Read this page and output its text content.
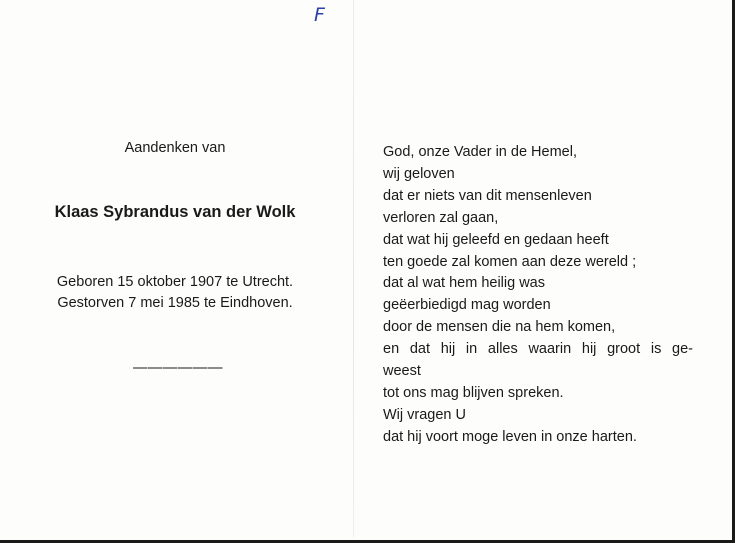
F
Aandenken van
Klaas Sybrandus van der Wolk
Geboren 15 oktober 1907 te Utrecht.
Gestorven 7 mei 1985 te Eindhoven.
——————
God, onze Vader in de Hemel,
wij geloven
dat er niets van dit mensenleven
verloren zal gaan,
dat wat hij geleefd en gedaan heeft
ten goede zal komen aan deze wereld ;
dat al wat hem heilig was
geëerbiedigd mag worden
door de mensen die na hem komen,
en dat hij in alles waarin hij groot is ge-
weest
tot ons mag blijven spreken.
Wij vragen U
dat hij voort moge leven in onze harten.
